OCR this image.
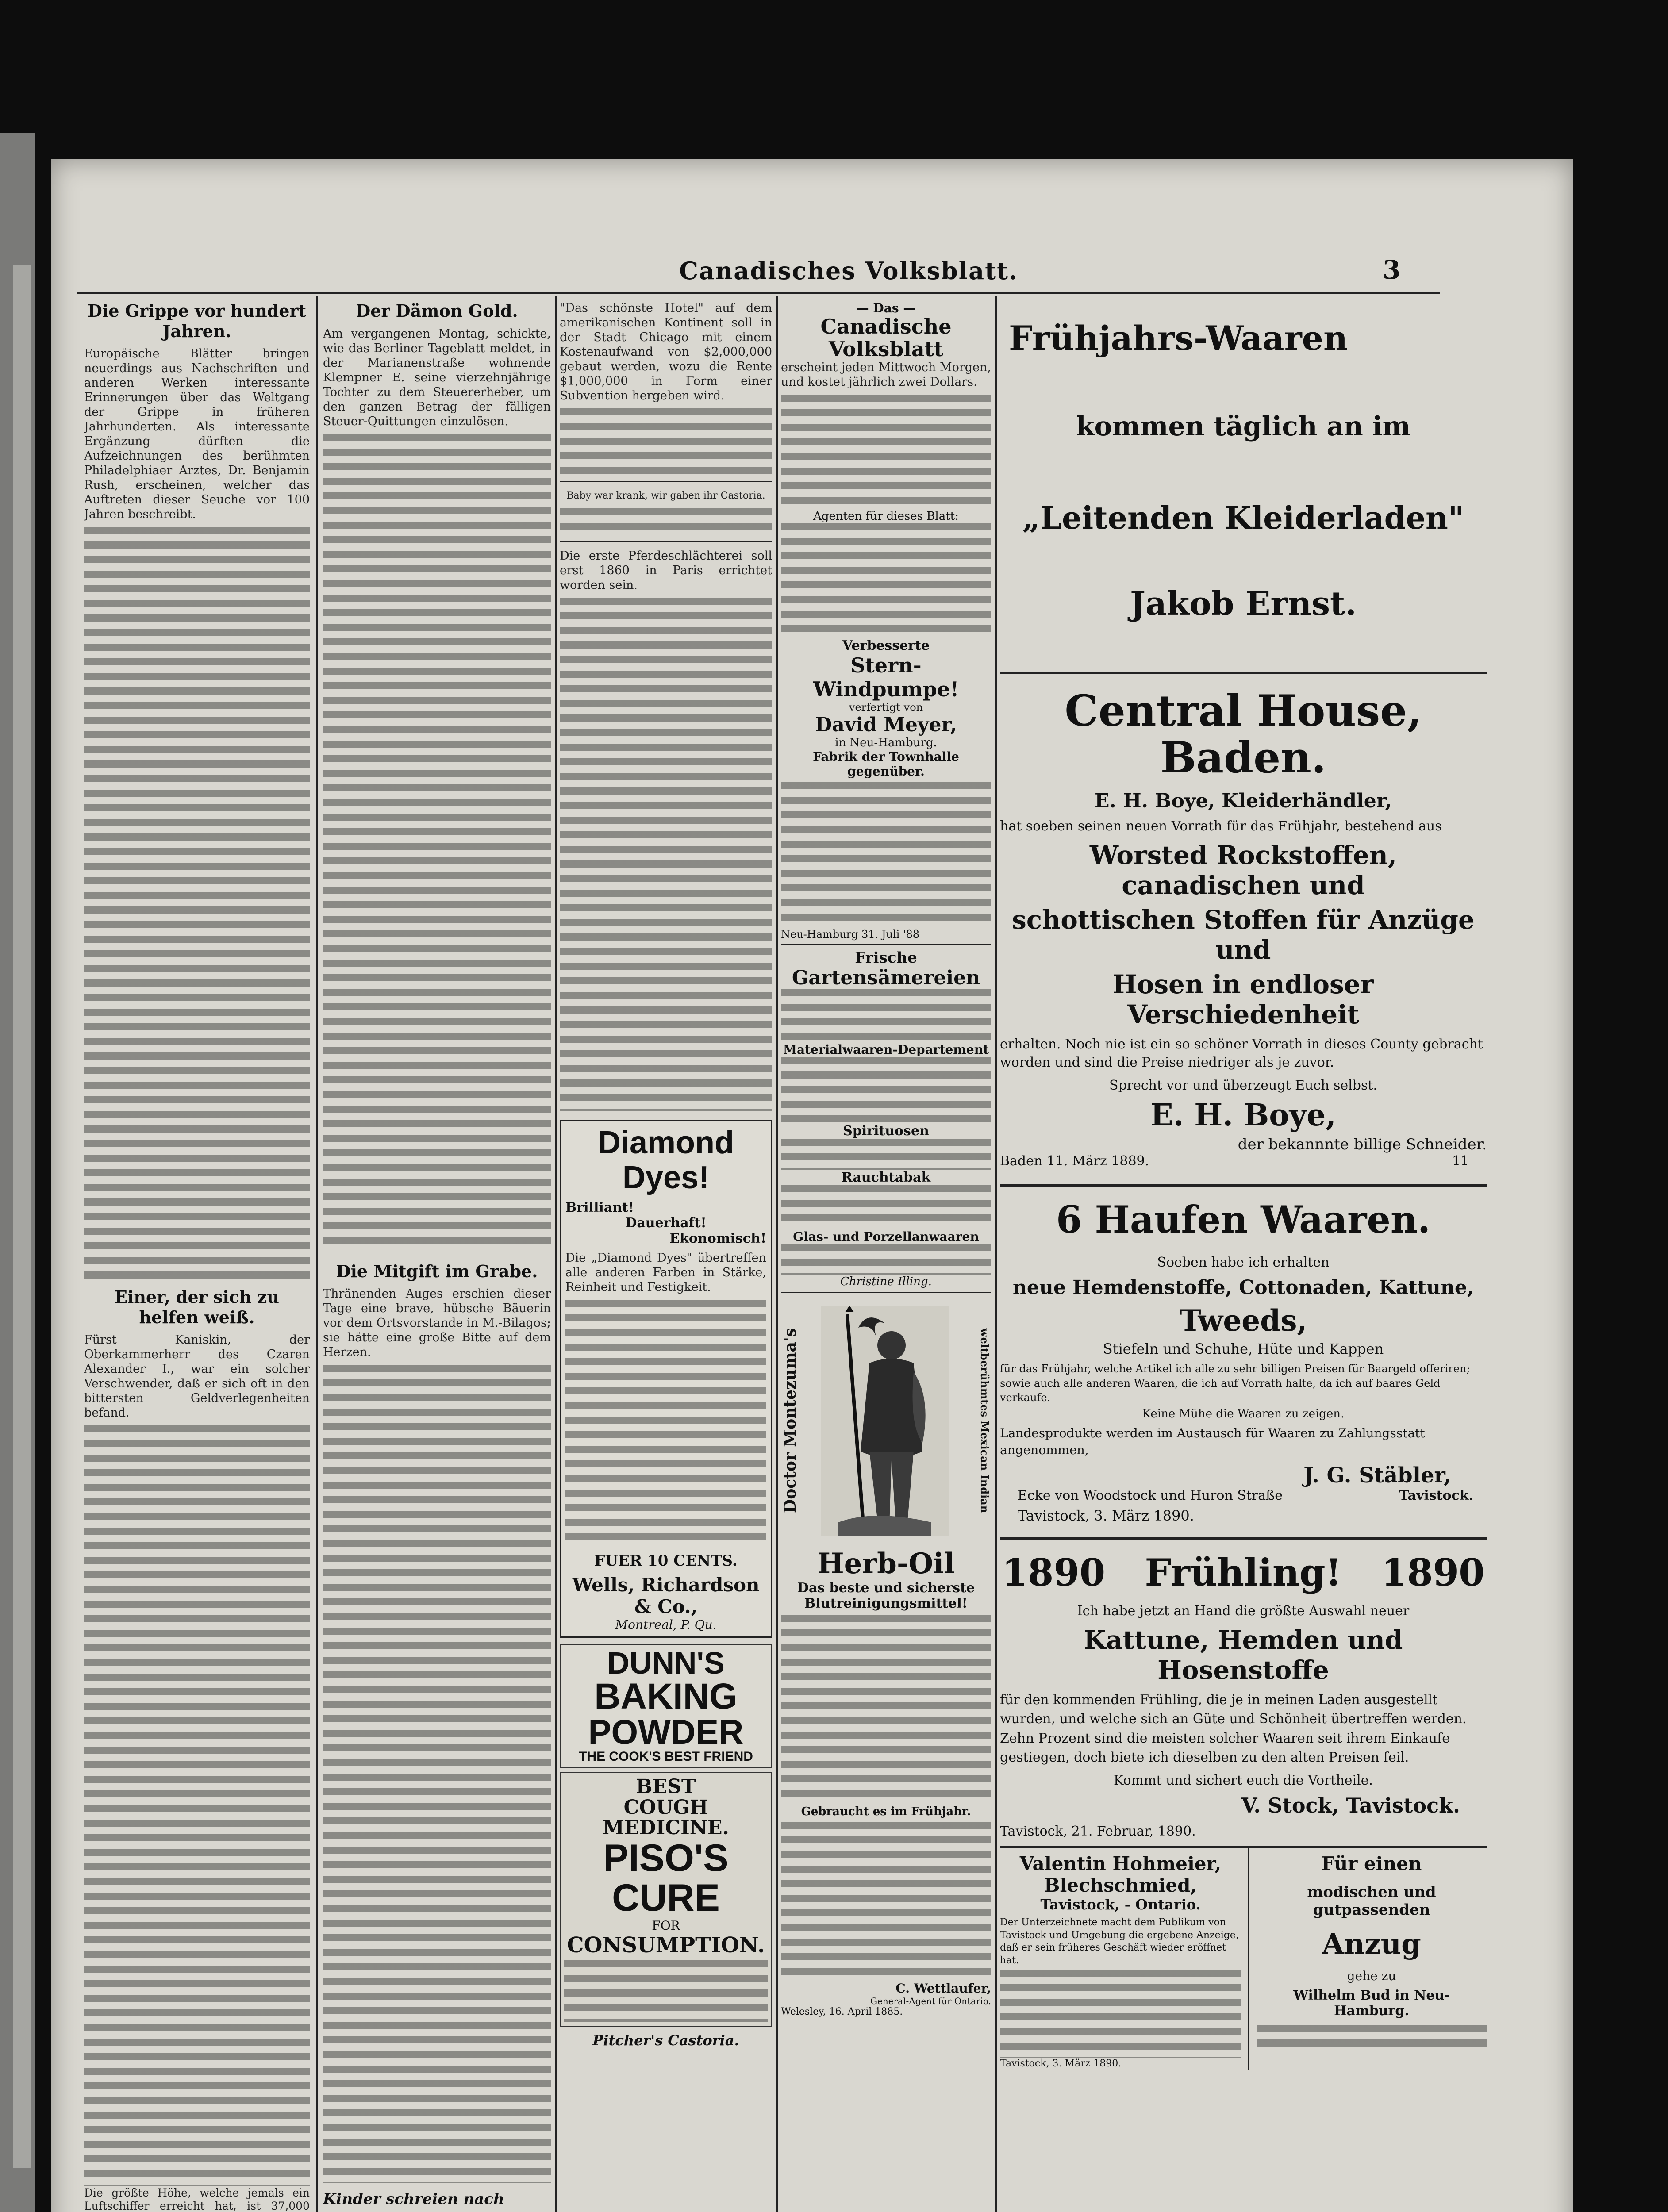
Canadisches Volksblatt.	3
Die Grippe vor hundert Jahren.

Europäische Blätter bringen neuerdings aus Nachschriften und anderen Werken interessante Erinnerungen über das Weltgang der Grippe in früheren Jahrhunderten. Als interessante Ergänzung dürften die Aufzeichnungen des berühmten Philadelphiaer Arztes, Dr. Benjamin Rush, erscheinen, welcher das Auftreten dieser Seuche vor 100 Jahren beschreibt.

Einer, der sich zu helfen weiß.

Fürst Kaniskin, der Oberkammerherr des Czaren Alexander I., war ein solcher Verschwender, daß er sich oft in den bittersten Geldverlegenheiten befand.

Die größte Höhe, welche jemals ein Luftschiffer erreicht hat, ist 37,000

Der Dämon Gold.

Am vergangenen Montag, schickte, wie das Berliner Tageblatt meldet, in der Marianenstraße wohnende Klempner E. seine vierzehnjährige Tochter zu dem Steuererheber, um den ganzen Betrag der fälligen Steuer-Quittungen einzulösen.

Die Mitgift im Grabe.

Thränenden Auges erschien dieser Tage eine brave, hübsche Bäuerin vor dem Ortsvorstande in M.-Bilagos; sie hätte eine große Bitte auf dem Herzen.

Kinder schreien nach

"Das schönste Hotel" auf dem amerikanischen Kontinent soll in der Stadt Chicago mit einem Kostenaufwand von $2,000,000 gebaut werden, wozu die Rente $1,000,000 in Form einer Subvention hergeben wird.

Baby war krank, wir gaben ihr Castoria.

Die erste Pferdeschlächterei soll erst 1860 in Paris errichtet worden sein.

Diamond Dyes!
Brilliant!
Dauerhaft!
Ekonomisch!

Die „Diamond Dyes" übertreffen alle anderen Farben in Stärke, Reinheit und Festigkeit.

FUER 10 CENTS.
Wells, Richardson & Co.,
Montreal, P. Qu.
DUNN'S
BAKING
POWDER
THE COOK'S BEST FRIEND
BEST
COUGH
MEDICINE.
PISO'S CURE
FOR
CONSUMPTION.
Pitcher's Castoria.
— Das —
Canadische Volksblatt

erscheint jeden Mittwoch Morgen, und kostet jährlich zwei Dollars.

Agenten für dieses Blatt:
Verbesserte
Stern-Windpumpe!
verfertigt von
David Meyer,
in Neu-Hamburg.
Fabrik der Townhalle gegenüber.
Neu-Hamburg 31. Juli '88
Frische
Gartensämereien
Materialwaaren-Departement
Spirituosen
Rauchtabak
Glas- und Porzellanwaaren
Christine Illing.
Doctor Montezuma's	weltberühmtes Mexican Indian
Herb-Oil
Das beste und sicherste Blutreinigungsmittel!
Gebraucht es im Frühjahr.
C. Wettlaufer,
General-Agent für Ontario.
Welesley, 16. April 1885.
Frühjahrs-Waaren
kommen täglich an im
„Leitenden Kleiderladen"
Jakob Ernst.
Central House, Baden.
E. H. Boye, Kleiderhändler,
hat soeben seinen neuen Vorrath für das Frühjahr, bestehend aus
Worsted Rockstoffen, canadischen und
schottischen Stoffen für Anzüge und
Hosen in endloser Verschiedenheit
erhalten. Noch nie ist ein so schöner Vorrath in dieses County gebracht worden und sind die Preise niedriger als je zuvor.
Sprecht vor und überzeugt Euch selbst.
E. H. Boye,
der bekannnte billige Schneider.
Baden 11. März 1889.	11
6 Haufen Waaren.
Soeben habe ich erhalten
neue Hemdenstoffe, Cottonaden, Kattune,
Tweeds,
Stiefeln und Schuhe, Hüte und Kappen
für das Frühjahr, welche Artikel ich alle zu sehr billigen Preisen für Baargeld offeriren; sowie auch alle anderen Waaren, die ich auf Vorrath halte, da ich auf baares Geld verkaufe.
Keine Mühe die Waaren zu zeigen.
Landesprodukte werden im Austausch für Waaren zu Zahlungsstatt angenommen,
J. G. Stäbler,
Ecke von Woodstock und Huron Straße	Tavistock.
Tavistock, 3. März 1890.
1890 Frühling! 1890
Ich habe jetzt an Hand die größte Auswahl neuer
Kattune, Hemden und Hosenstoffe
für den kommenden Frühling, die je in meinen Laden ausgestellt wurden, und welche sich an Güte und Schönheit übertreffen werden. Zehn Prozent sind die meisten solcher Waaren seit ihrem Einkaufe gestiegen, doch biete ich dieselben zu den alten Preisen feil.
Kommt und sichert euch die Vortheile.
V. Stock, Tavistock.
Tavistock, 21. Februar, 1890.
Valentin Hohmeier,
Blechschmied,
Tavistock, - Ontario.
Der Unterzeichnete macht dem Publikum von Tavistock und Umgebung die ergebene Anzeige, daß er sein früheres Geschäft wieder eröffnet hat.
Tavistock, 3. März 1890.
Für einen
modischen und gutpassenden
Anzug
gehe zu
Wilhelm Bud in Neu-Hamburg.
